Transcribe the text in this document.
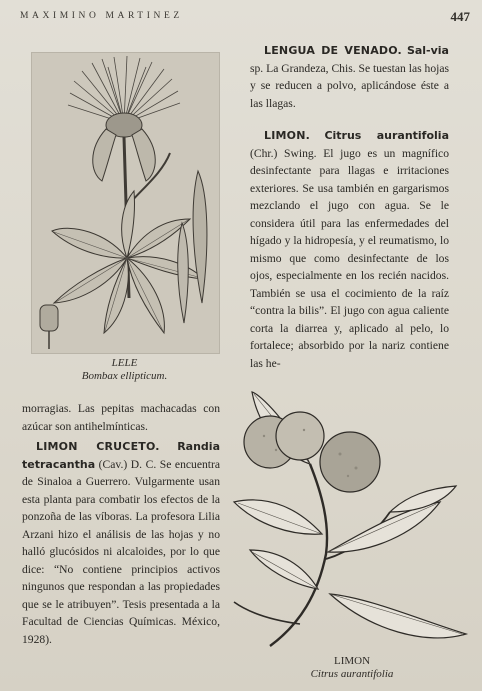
MAXIMINO MARTINEZ	447
LELE
Bombax ellipticum.

LENGUA DE VENADO. Sal-via sp. La Grandeza, Chis. Se tuestan las hojas y se reducen a polvo, aplicándose éste a las llagas.

LIMON. Citrus aurantifolia (Chr.) Swing. El jugo es un magnífico desinfectante para llagas e irritaciones exteriores. Se usa también en gargarismos mezclando el jugo con agua. Se le considera útil para las enfermedades del hígado y la hidropesía, y el reumatismo, lo mismo que como desinfectante de los ojos, especialmente en los recién nacidos. También se usa el cocimiento de la raíz “contra la bilis”. El jugo con agua caliente corta la diarrea y, aplicado al pelo, lo fortalece; absorbido por la nariz contiene las he-

morragias. Las pepitas machacadas con azúcar son antihelmínticas.

LIMON CRUCETO. Randia tetracantha (Cav.) D. C. Se encuentra de Sinaloa a Guerrero. Vulgarmente usan esta planta para combatir los efectos de la ponzoña de las víboras. La profesora Lilia Arzani hizo el análisis de las hojas y no halló glucósidos ni alcaloides, por lo que dice: “No contiene principios activos ningunos que respondan a las propiedades que se le atribuyen”. Tesis presentada a la Facultad de Ciencias Químicas. México, 1928).

LIMON
Citrus aurantifolia
